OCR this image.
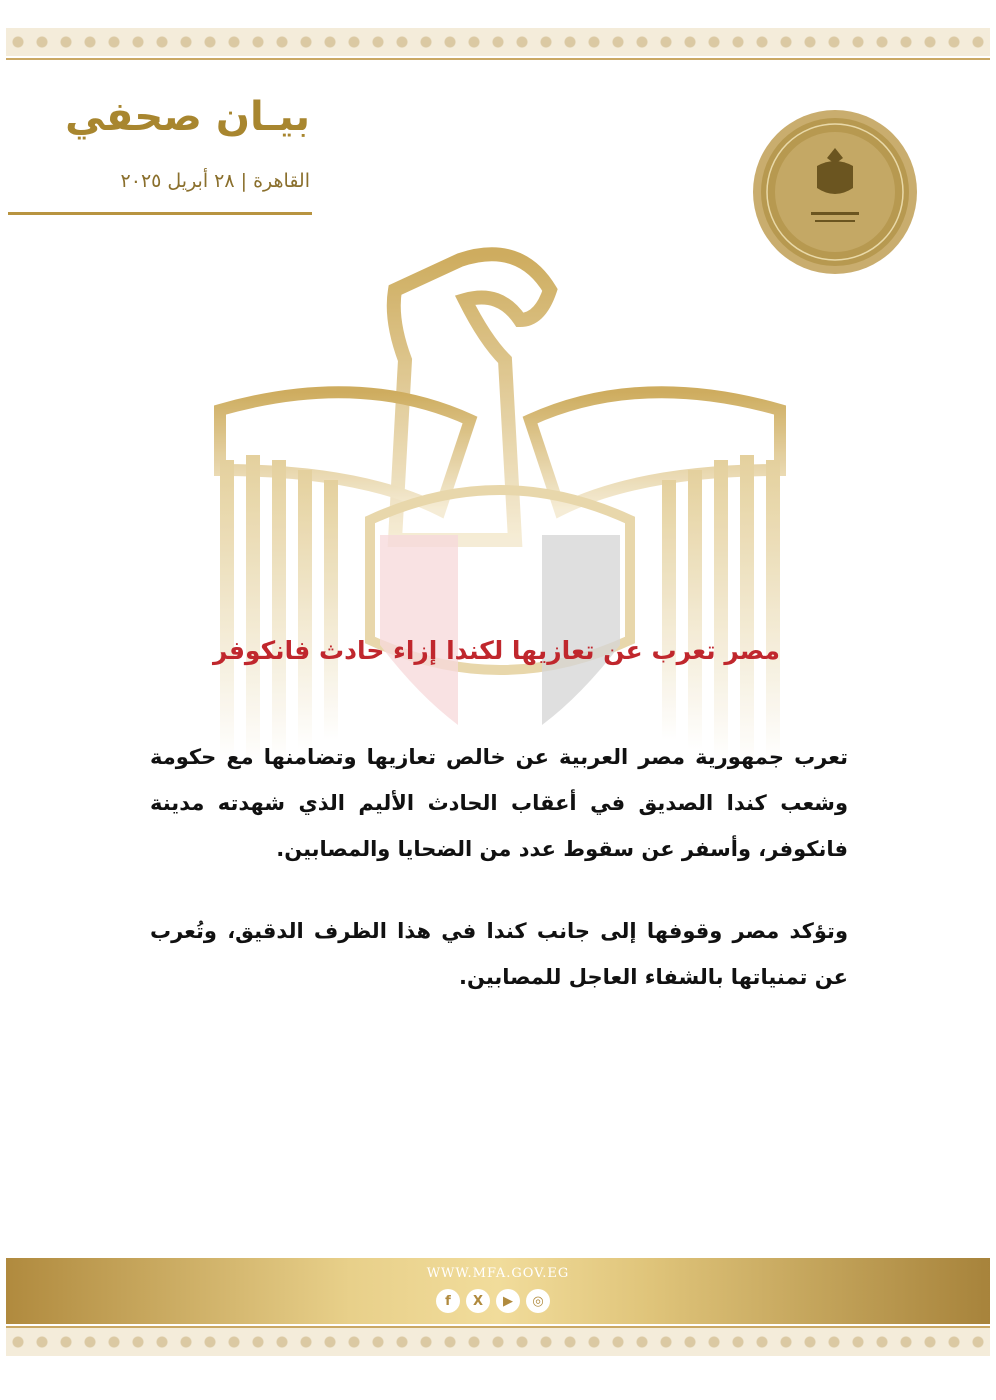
بيـان صحفي
القاهرة | ٢٨ أبريل ٢٠٢٥
مصر تعرب عن تعازيها لكندا إزاء حادث فانكوفر
تعرب جمهورية مصر العربية عن خالص تعازيها وتضامنها مع حكومة وشعب كندا الصديق في أعقاب الحادث الأليم الذي شهدته مدينة فانكوفر، وأسفر عن سقوط عدد من الضحايا والمصابين.
وتؤكد مصر وقوفها إلى جانب كندا في هذا الظرف الدقيق، وتُعرب عن تمنياتها بالشفاء العاجل للمصابين.
WWW.MFA.GOV.EG
f	X	▶	◎
